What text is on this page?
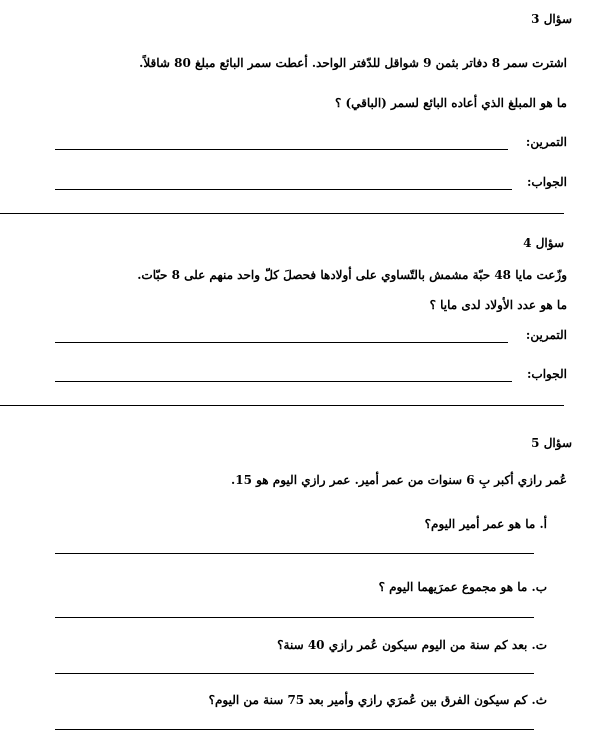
سؤال 3
اشترت سمر 8 دفاتر بثمن 9 شواقل للدّفتر الواحد. أعطت سمر البائع مبلغ 80 شاقلاً.
ما هو المبلغ الذي أعاده البائع لسمر (الباقي) ؟
التمرين:
الجواب:
سؤال 4
وزّعت مايا 48 حبّة مشمش بالتّساوي على أولادها فحصلَ كلّ واحد منهم على 8 حبّات.
ما هو عدد الأولاد لدى مايا ؟
التمرين:
الجواب:
سؤال 5
عُمر رازي أكبر بِ 6 سنوات من عمر أمير. عمر رازي اليوم هو 15.
أ. ما هو عمر أمير اليوم؟
ب. ما هو مجموع عمرَيهما اليوم ؟
ت. بعد كم سنة من اليوم سيكون عُمر رازي 40 سنة؟
ث. كم سيكون الفرق بين عُمرَي رازي وأمير بعد 75 سنة من اليوم؟
